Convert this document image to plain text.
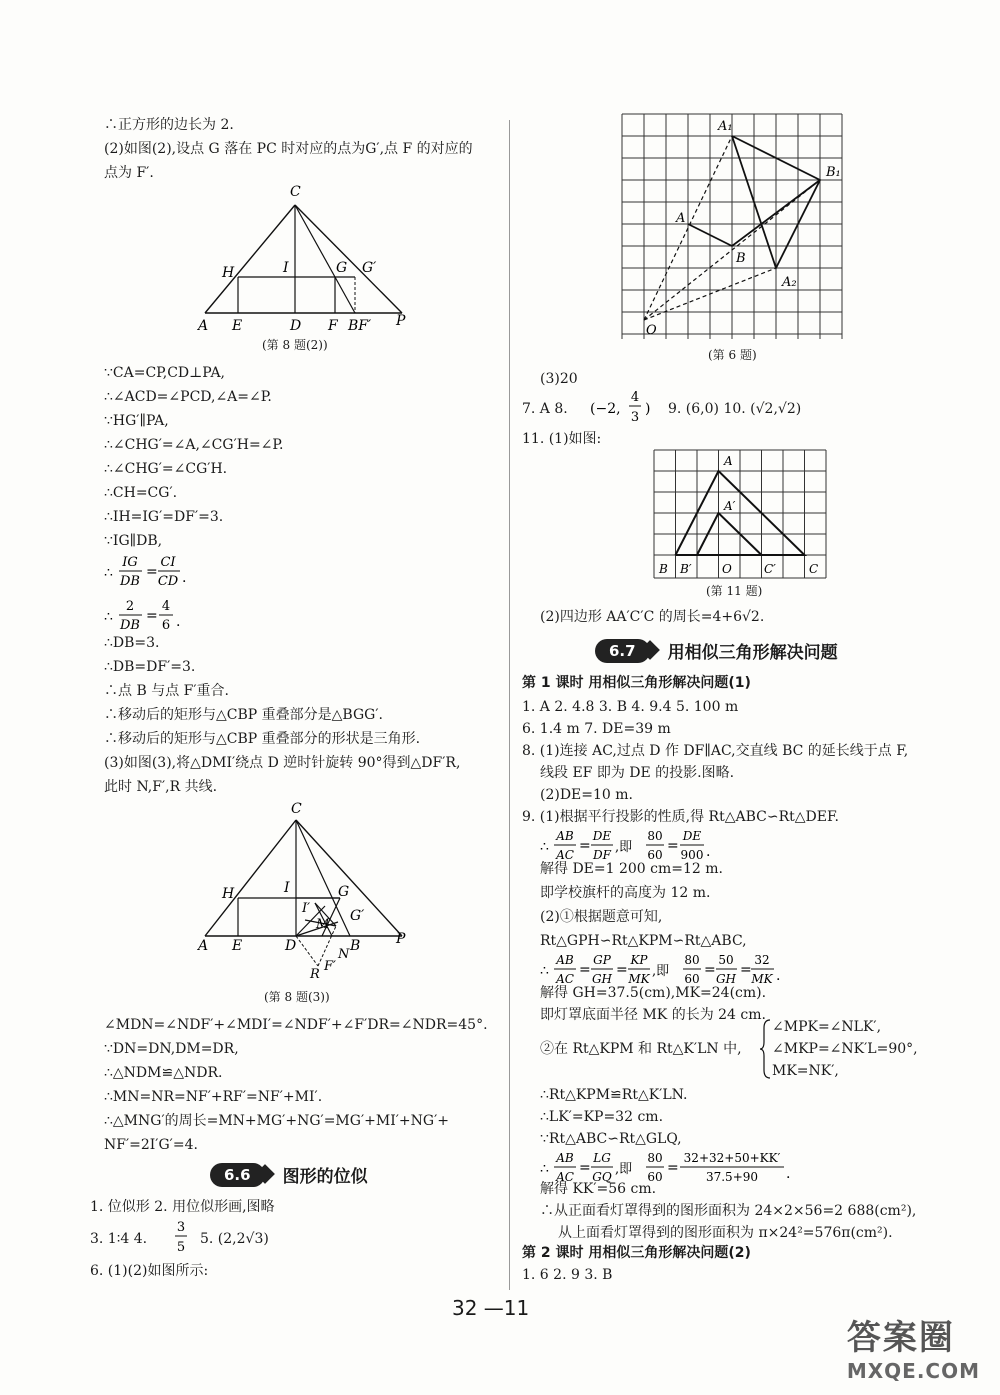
∴正方形的边长为 2.
(2)如图(2),设点 G 落在 PC 时对应的点为G′,点 F 的对应的
点为 F′.
C
H	I	G G′
A E	D F BF′ P
(第 8 题(2))
∵CA=CP,CD⊥PA,
∴∠ACD=∠PCD,∠A=∠P.
∵HG′∥PA,
∴∠CHG′=∠A,∠CG′H=∠P.
∴∠CHG′=∠CG′H.
∴CH=CG′.
∴IH=IG′=DF′=3.
∵IG∥DB,
∴
IG
DB
=
CI
CD .
∴
2
DB
=
4
6 .
∴DB=3.
∴DB=DF′=3.
∴点 B 与点 F′重合.
∴移动后的矩形与△CBP 重叠部分是△BGG′.
∴移动后的矩形与△CBP 重叠部分的形状是三角形.
(3)如图(3),将△DMI′绕点 D 逆时针旋转 90°得到△DF′R,
此时 N,F′,R 共线.
C
H	I
I′
G
G′
M
A E	D
N
B	P
R
F′
(第 8 题(3))
∠MDN=∠NDF′+∠MDI′=∠NDF′+∠F′DR=∠NDR=45°.
∵DN=DN,DM=DR,
∴△NDM≌△NDR.
∴MN=NR=NF′+RF′=NF′+MI′.
∴△MNG′的周长=MN+MG′+NG′=MG′+MI′+NG′+
NF′=2I′G′=4.
6.6	图形的位似
1. 位似形 2. 用位似形画,图略
3. 1∶4 4.
3
5
5. (2,2√3)
6. (1)(2)如图所示:
A₁
B₁
A
B
A₂
O
(第 6 题)
(3)20
7. A 8. (−2,
4
3
) 9. (6,0) 10. (√2,√2)
11. (1)如图:
A
A′
B B′	O	C′	C
(第 11 题)
(2)四边形 AA′C′C 的周长=4+6√2.
6.7	用相似三角形解决问题
第 1 课时 用相似三角形解决问题(1)
1. A 2. 4.8 3. B 4. 9.4 5. 100 m
6. 1.4 m 7. DE=39 m
8. (1)连接 AC,过点 D 作 DF∥AC,交直线 BC 的延长线于点 F,
线段 EF 即为 DE 的投影.图略.
(2)DE=10 m.
9. (1)根据平行投影的性质,得 Rt△ABC∽Rt△DEF.
∴
AB
AC
=
DE
DF ,即
80
60
=
DE
900 .
解得 DE=1 200 cm=12 m.
即学校旗杆的高度为 12 m.
(2)①根据题意可知,
Rt△GPH∽Rt△KPM∽Rt△ABC,
∴
AB
AC
=
GP
GH
=
KP
MK ,即
80
60
=
50
GH
=
32
MK .
解得 GH=37.5(cm),MK=24(cm).
即灯罩底面半径 MK 的长为 24 cm.
②在 Rt△KPM 和 Rt△K′LN 中,
∠MPK=∠NLK′,
∠MKP=∠NK′L=90°,
MK=NK′,
∴Rt△KPM≌Rt△K′LN.
∴LK′=KP=32 cm.
∵Rt△ABC∽Rt△GLQ,
∴
AB
AC
=
LG
GQ ,即
80
60
=
32+32+50+KK′
37.5+90 .
解得 KK′=56 cm.
∴从正面看灯罩得到的图形面积为 24×2×56=2 688(cm²),
从上面看灯罩得到的图形面积为 π×24²=576π(cm²).
第 2 课时 用相似三角形解决问题(2)
1. 6 2. 9 3. B
32 —11
答案圈
MXQE.COM
